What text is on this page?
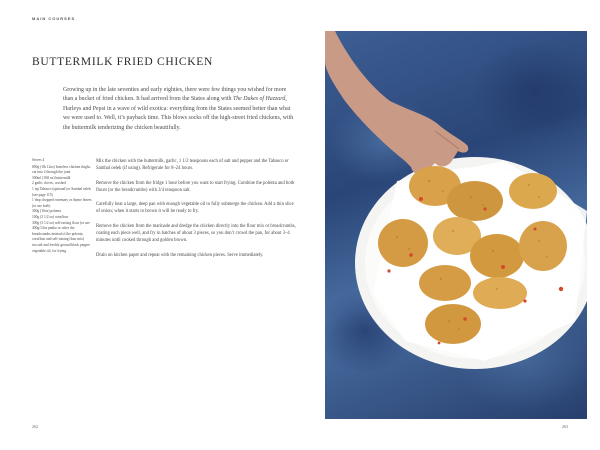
MAIN COURSES
BUTTERMILK FRIED CHICKEN

Growing up in the late seventies and early eighties, there were few things you wished for more than a bucket of fried chicken. It had arrived from the States along with The Dukes of Hazzard, Harleys and Pepsi in a wave of wild exotica: everything from the States seemed better than what we were used to. Well, it’s payback time. This blows socks off the high-street fried chickens, with the buttermilk tenderizing the chicken beautifully.

Serves 4
800g (1lb 12oz) boneless chicken thighs, cut into 2 through the joint
300ml (10fl oz) buttermilk
2 garlic cloves, crushed
1 tsp Tabasco (optional) or Sambal oelek (see page 115)
1 tbsp chopped rosemary or thyme leaves (or use both)
300g (10oz) polenta
100g (3 1/2 oz) cornflour
300g (3 1/2 oz) self-raising flour (or use 400g/14oz panko or other dry breadcrumbs instead of the polenta, cornflour and self-raising flour mix)
sea salt and freshly ground black pepper
vegetable oil, for frying

Mix the chicken with the buttermilk, garlic, 1 1/2 teaspoons each of salt and pepper and the Tabasco or Sambal oelek (if using). Refrigerate for 8–24 hours.

Remove the chicken from the fridge 1 hour before you want to start frying. Combine the polenta and both flours (or the breadcrumbs) with 3/4 teaspoon salt.

Carefully heat a large, deep pan with enough vegetable oil to fully submerge the chicken. Add a thin slice of onion; when it starts to brown it will be ready to fry.

Remove the chicken from the marinade and dredge the chicken directly into the flour mix or breadcrumbs, coating each piece well, and fry in batches of about 3 pieces, so you don’t crowd the pan, for about 3–4 minutes until cooked through and golden brown.

Drain on kitchen paper and repeat with the remaining chicken pieces. Serve immediately.

262	263
